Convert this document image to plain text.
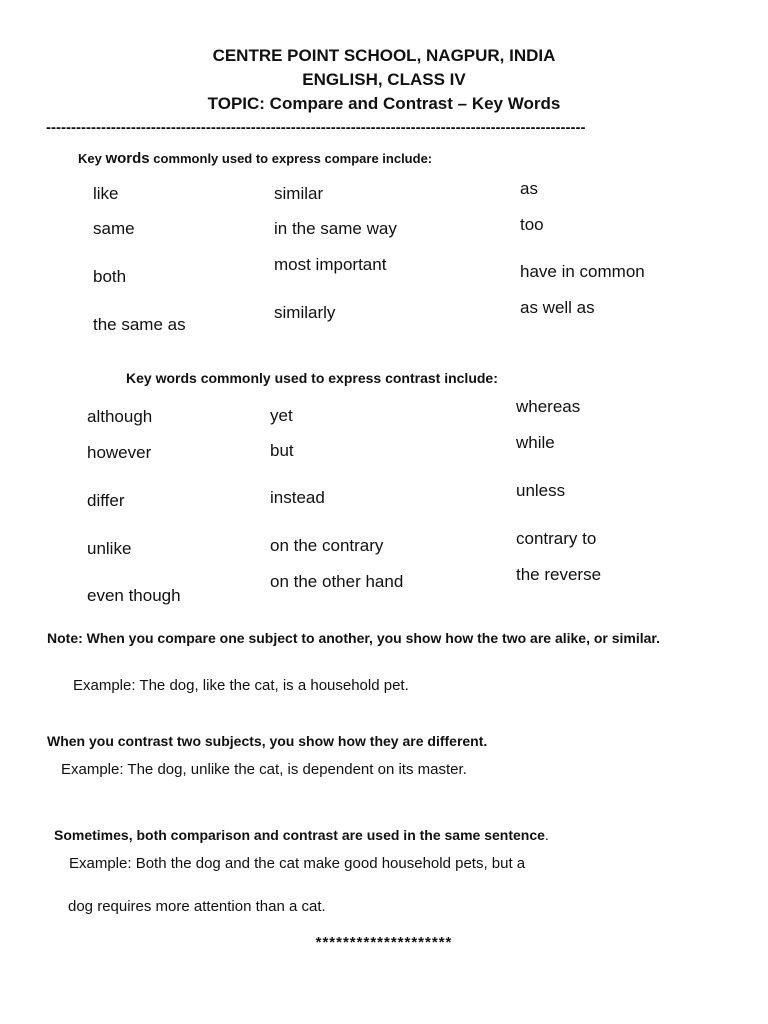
CENTRE POINT SCHOOL, NAGPUR, INDIA
ENGLISH, CLASS IV
TOPIC: Compare and Contrast – Key Words
------------------------------------------------------------------------------------------------------------
Key words commonly used to express compare include:
like
same
both
the same as
similar
in the same way
most important
similarly
as
too
have in common
as well as
Key words commonly used to express contrast include:
although
however
differ
unlike
even though
yet
but
instead
on the contrary
on the other hand
whereas
while
unless
contrary to
the reverse
Note: When you compare one subject to another, you show how the two are alike, or similar.
Example: The dog, like the cat, is a household pet.
When you contrast two subjects, you show how they are different.
Example: The dog, unlike the cat, is dependent on its master.
Sometimes, both comparison and contrast are used in the same sentence.
Example: Both the dog and the cat make good household pets, but a
dog requires more attention than a cat.
********************
